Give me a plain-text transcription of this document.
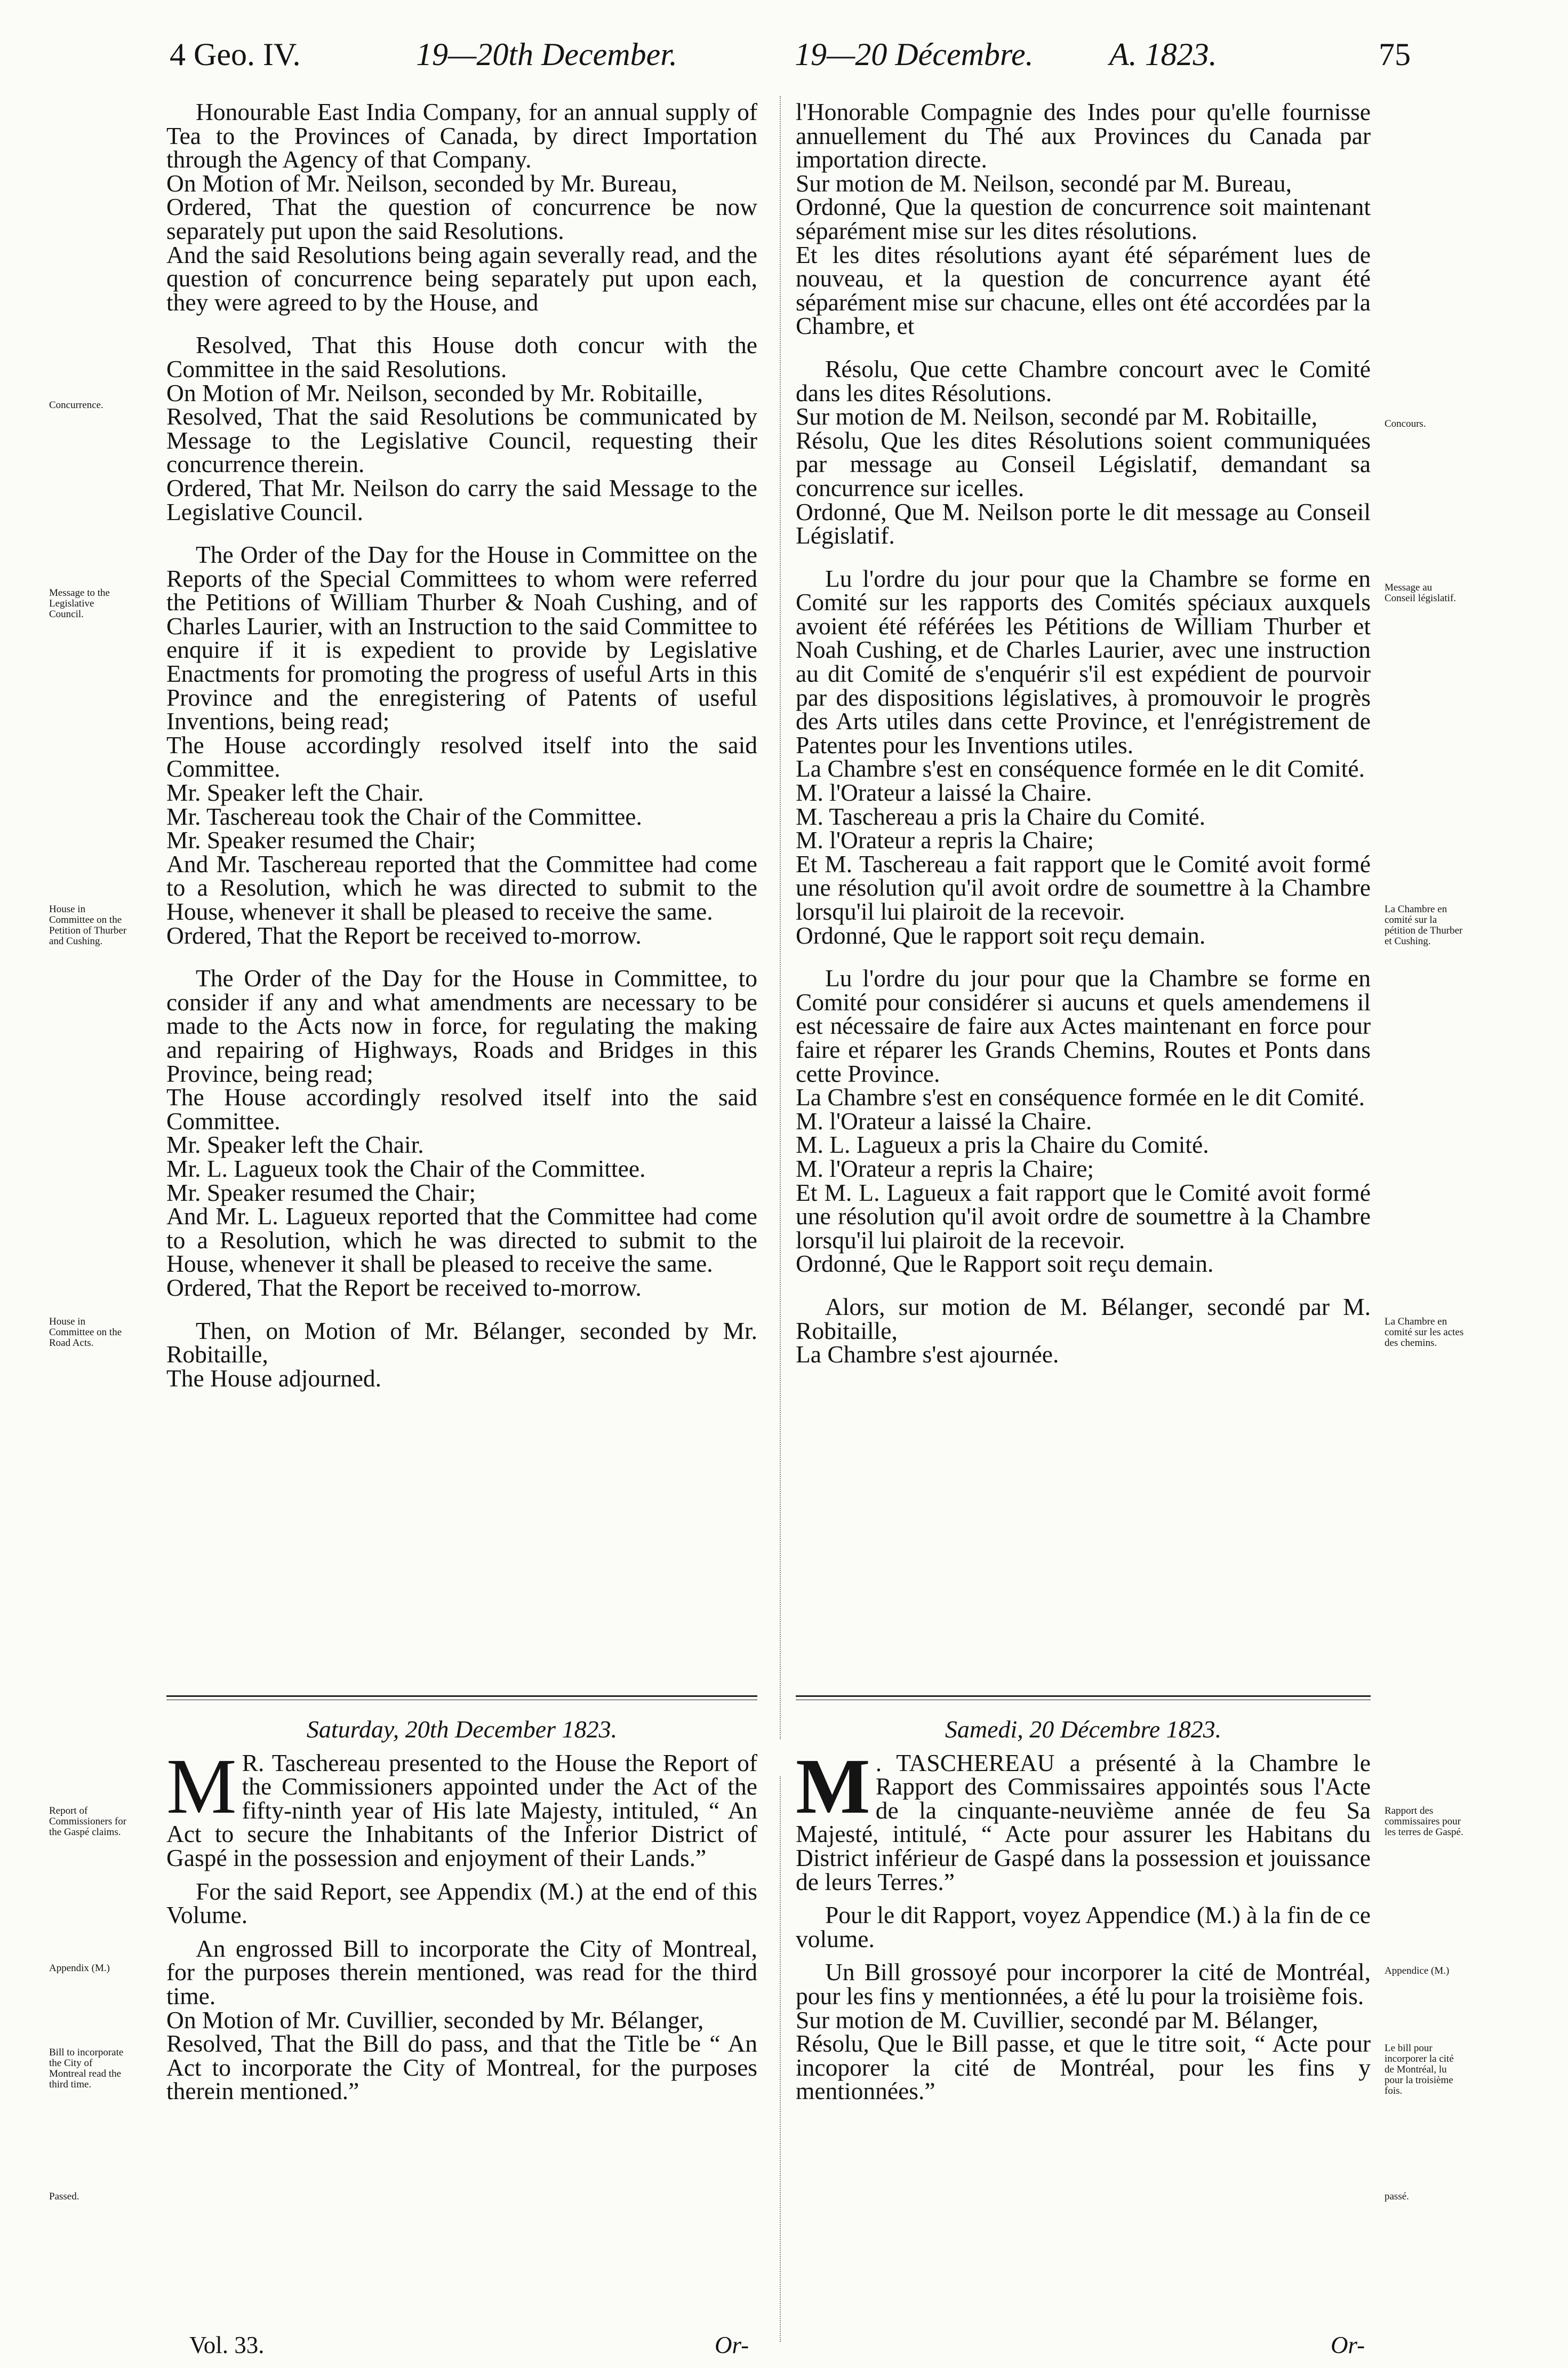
4 Geo. IV.	19—20th December.	19—20 Décembre. A. 1823.	75

Honourable East India Company, for an annual supply of Tea to the Provinces of Canada, by direct Importation through the Agency of that Company.

On Motion of Mr. Neilson, seconded by Mr. Bureau,

Ordered, That the question of concurrence be now separately put upon the said Resolutions.

And the said Resolutions being again severally read, and the question of concurrence being separately put upon each, they were agreed to by the House, and

Resolved, That this House doth concur with the Committee in the said Resolutions.

On Motion of Mr. Neilson, seconded by Mr. Robitaille,

Resolved, That the said Resolutions be communicated by Message to the Legislative Council, requesting their concurrence therein.

Ordered, That Mr. Neilson do carry the said Message to the Legislative Council.

The Order of the Day for the House in Committee on the Reports of the Special Committees to whom were referred the Petitions of William Thurber & Noah Cushing, and of Charles Laurier, with an Instruction to the said Committee to enquire if it is expedient to provide by Legislative Enactments for promoting the progress of useful Arts in this Province and the enregistering of Patents of useful Inventions, being read;

The House accordingly resolved itself into the said Committee.

Mr. Speaker left the Chair.

Mr. Taschereau took the Chair of the Committee.

Mr. Speaker resumed the Chair;

And Mr. Taschereau reported that the Committee had come to a Resolution, which he was directed to submit to the House, whenever it shall be pleased to receive the same.

Ordered, That the Report be received to-morrow.

The Order of the Day for the House in Committee, to consider if any and what amendments are necessary to be made to the Acts now in force, for regulating the making and repairing of Highways, Roads and Bridges in this Province, being read;

The House accordingly resolved itself into the said Committee.

Mr. Speaker left the Chair.

Mr. L. Lagueux took the Chair of the Committee.

Mr. Speaker resumed the Chair;

And Mr. L. Lagueux reported that the Committee had come to a Resolution, which he was directed to submit to the House, whenever it shall be pleased to receive the same.

Ordered, That the Report be received to-morrow.

Then, on Motion of Mr. Bélanger, seconded by Mr. Robitaille,

The House adjourned.

l'Honorable Compagnie des Indes pour qu'elle fournisse annuellement du Thé aux Provinces du Canada par importation directe.

Sur motion de M. Neilson, secondé par M. Bureau,

Ordonné, Que la question de concurrence soit maintenant séparément mise sur les dites résolutions.

Et les dites résolutions ayant été séparément lues de nouveau, et la question de concurrence ayant été séparément mise sur chacune, elles ont été accordées par la Chambre, et

Résolu, Que cette Chambre concourt avec le Comité dans les dites Résolutions.

Sur motion de M. Neilson, secondé par M. Robitaille,

Résolu, Que les dites Résolutions soient communiquées par message au Conseil Législatif, demandant sa concurrence sur icelles.

Ordonné, Que M. Neilson porte le dit message au Conseil Législatif.

Lu l'ordre du jour pour que la Chambre se forme en Comité sur les rapports des Comités spéciaux auxquels avoient été référées les Pétitions de William Thurber et Noah Cushing, et de Charles Laurier, avec une instruction au dit Comité de s'enquérir s'il est expédient de pourvoir par des dispositions législatives, à promouvoir le progrès des Arts utiles dans cette Province, et l'enrégistrement de Patentes pour les Inventions utiles.

La Chambre s'est en conséquence formée en le dit Comité.

M. l'Orateur a laissé la Chaire.

M. Taschereau a pris la Chaire du Comité.

M. l'Orateur a repris la Chaire;

Et M. Taschereau a fait rapport que le Comité avoit formé une résolution qu'il avoit ordre de soumettre à la Chambre lorsqu'il lui plairoit de la recevoir.

Ordonné, Que le rapport soit reçu demain.

Lu l'ordre du jour pour que la Chambre se forme en Comité pour considérer si aucuns et quels amendemens il est nécessaire de faire aux Actes maintenant en force pour faire et réparer les Grands Chemins, Routes et Ponts dans cette Province.

La Chambre s'est en conséquence formée en le dit Comité.

M. l'Orateur a laissé la Chaire.

M. L. Lagueux a pris la Chaire du Comité.

M. l'Orateur a repris la Chaire;

Et M. L. Lagueux a fait rapport que le Comité avoit formé une résolution qu'il avoit ordre de soumettre à la Chambre lorsqu'il lui plairoit de la recevoir.

Ordonné, Que le Rapport soit reçu demain.

Alors, sur motion de M. Bélanger, secondé par M. Robitaille,

La Chambre s'est ajournée.

Saturday, 20th December 1823.

M R. Taschereau presented to the House the Report of the Commissioners appointed under the Act of the fifty-ninth year of His late Majesty, intituled, “ An Act to secure the Inhabitants of the Inferior District of Gaspé in the possession and enjoyment of their Lands.”

For the said Report, see Appendix (M.) at the end of this Volume.

An engrossed Bill to incorporate the City of Montreal, for the purposes therein mentioned, was read for the third time.

On Motion of Mr. Cuvillier, seconded by Mr. Bélanger,

Resolved, That the Bill do pass, and that the Title be “ An Act to incorporate the City of Montreal, for the purposes therein mentioned.”

Samedi, 20 Décembre 1823.

M . TASCHEREAU a présenté à la Chambre le Rapport des Commissaires appointés sous l'Acte de la cinquante-neuvième année de feu Sa Majesté, intitulé, “ Acte pour assurer les Habitans du District inférieur de Gaspé dans la possession et jouissance de leurs Terres.”

Pour le dit Rapport, voyez Appendice (M.) à la fin de ce volume.

Un Bill grossoyé pour incorporer la cité de Montréal, pour les fins y mentionnées, a été lu pour la troisième fois.

Sur motion de M. Cuvillier, secondé par M. Bélanger,

Résolu, Que le Bill passe, et que le titre soit, “ Acte pour incoporer la cité de Montréal, pour les fins y mentionnées.”

Vol. 33.	Or-	Or-
Concurrence.
Message to the Legislative Council.
House in Committee on the Petition of Thurber and Cushing.
House in Committee on the Road Acts.
Report of Commissioners for the Gaspé claims.
Appendix (M.)
Bill to incorporate the City of Montreal read the third time.
Passed.
Concours.
Message au Conseil législatif.
La Chambre en comité sur la pétition de Thurber et Cushing.
La Chambre en comité sur les actes des chemins.
Rapport des commissaires pour les terres de Gaspé.
Appendice (M.)
Le bill pour incorporer la cité de Montréal, lu pour la troisième fois.
passé.
